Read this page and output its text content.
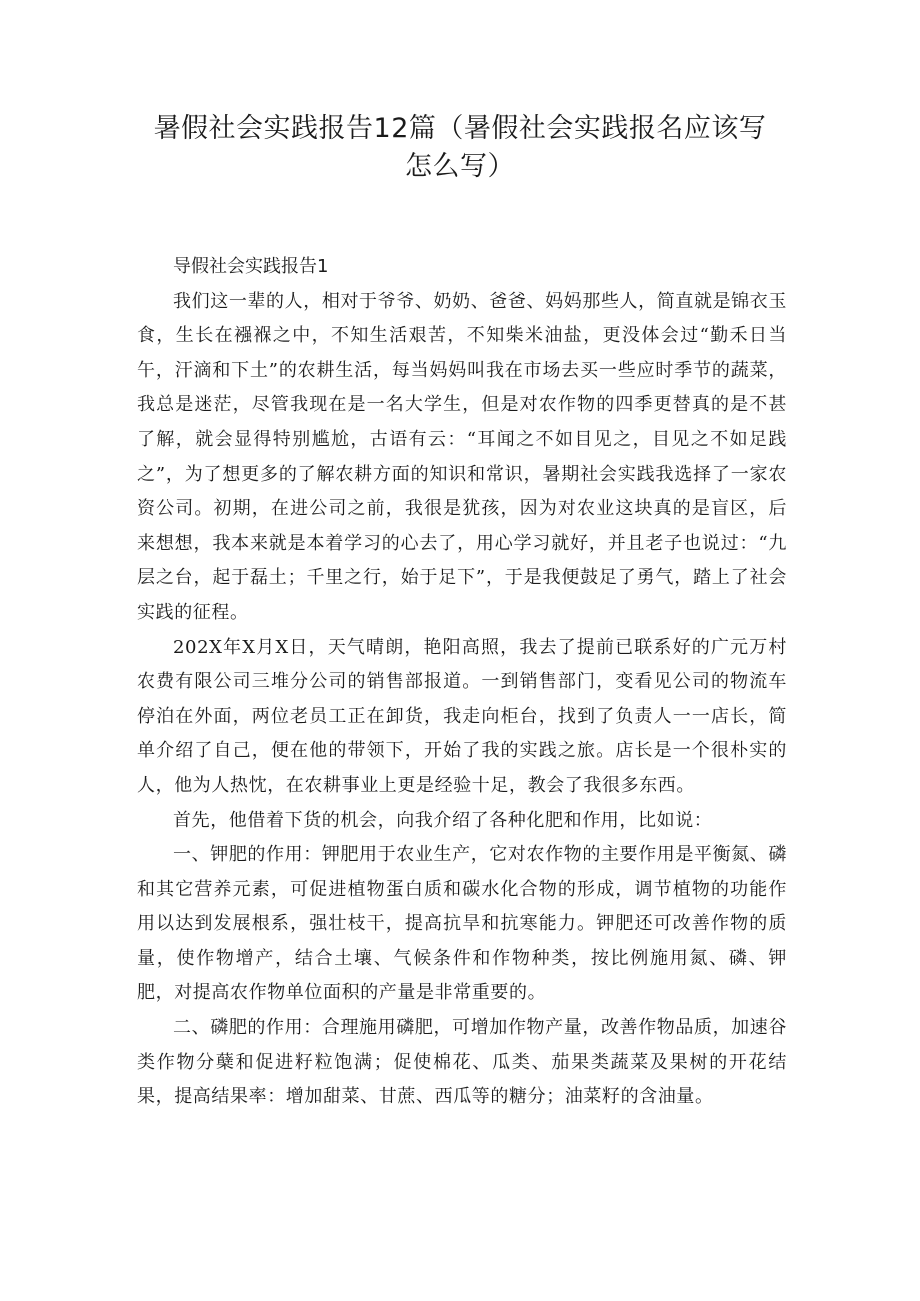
暑假社会实践报告12篇（暑假社会实践报名应该写怎么写）

导假社会实践报告1

我们这一辈的人，相对于爷爷、奶奶、爸爸、妈妈那些人，简直就是锦衣玉食，生长在襁褓之中，不知生活艰苦，不知柴米油盐，更没体会过“勤禾日当午，汗滴和下土”的农耕生活，每当妈妈叫我在市场去买一些应时季节的蔬菜，我总是迷茫，尽管我现在是一名大学生，但是对农作物的四季更替真的是不甚了解，就会显得特别尴尬，古语有云：“耳闻之不如目见之，目见之不如足践之”，为了想更多的了解农耕方面的知识和常识，暑期社会实践我选择了一家农资公司。初期，在进公司之前，我很是犹孩，因为对农业这块真的是盲区，后来想想，我本来就是本着学习的心去了，用心学习就好，并且老子也说过：“九层之台，起于磊土；千里之行，始于足下”，于是我便鼓足了勇气，踏上了社会实践的征程。

202X年X月X日，天气晴朗，艳阳高照，我去了提前已联系好的广元万村农费有限公司三堆分公司的销售部报道。一到销售部门，变看见公司的物流车停泊在外面，两位老员工正在卸货，我走向柜台，找到了负责人一一店长，简单介绍了自己，便在他的带领下，开始了我的实践之旅。店长是一个很朴实的人，他为人热忱，在农耕事业上更是经验十足，教会了我很多东西。

首先，他借着下货的机会，向我介绍了各种化肥和作用，比如说：

一、钾肥的作用：钾肥用于农业生产，它对农作物的主要作用是平衡氮、磷和其它营养元素，可促进植物蛋白质和碳水化合物的形成，调节植物的功能作用以达到发展根系，强壮枝干，提高抗旱和抗寒能力。钾肥还可改善作物的质量，使作物增产，结合土壤、气候条件和作物种类，按比例施用氮、磷、钾肥，对提高农作物单位面积的产量是非常重要的。

二、磷肥的作用：合理施用磷肥，可增加作物产量，改善作物品质，加速谷类作物分蘖和促进籽粒饱满；促使棉花、瓜类、茄果类蔬菜及果树的开花结果，提高结果率：增加甜菜、甘蔗、西瓜等的糖分；油菜籽的含油量。
